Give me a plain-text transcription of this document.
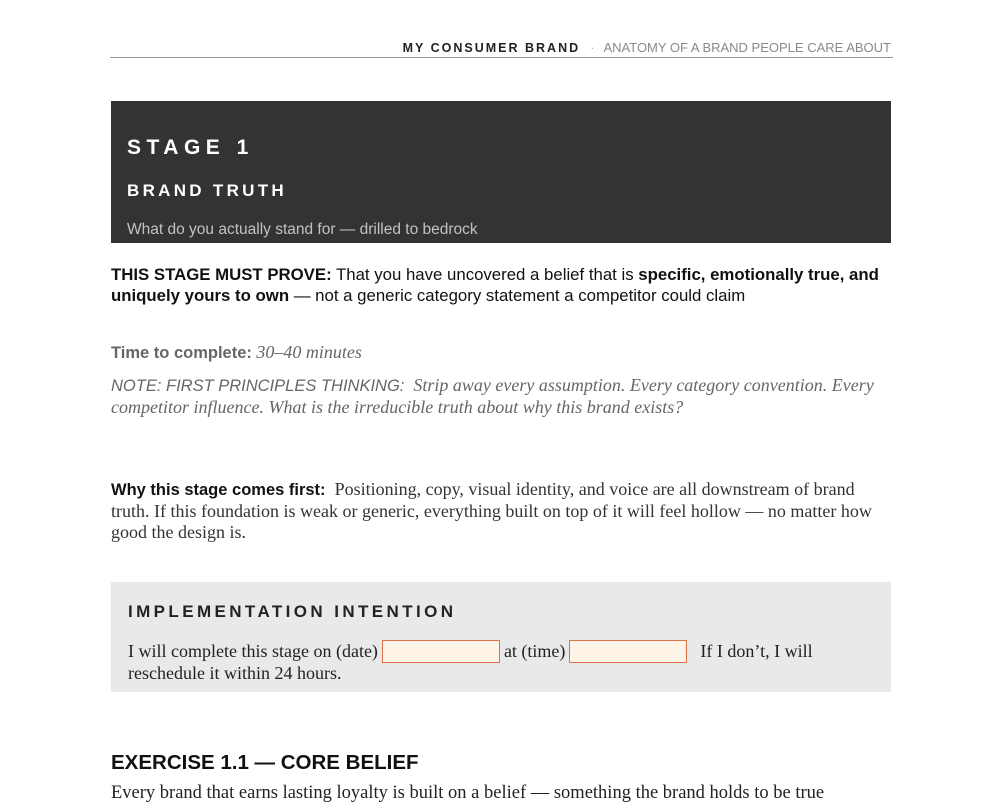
MY CONSUMER BRAND · ANATOMY OF A BRAND PEOPLE CARE ABOUT
STAGE 1
BRAND TRUTH
What do you actually stand for — drilled to bedrock
THIS STAGE MUST PROVE: That you have uncovered a belief that is specific, emotionally true, and uniquely yours to own — not a generic category statement a competitor could claim
Time to complete: 30–40 minutes
NOTE: FIRST PRINCIPLES THINKING: Strip away every assumption. Every category convention. Every competitor influence. What is the irreducible truth about why this brand exists?
Why this stage comes first: Positioning, copy, visual identity, and voice are all downstream of brand truth. If this foundation is weak or generic, everything built on top of it will feel hollow — no matter how good the design is.
IMPLEMENTATION INTENTION
I will complete this stage on (date)	at (time)	If I don’t, I will reschedule it within 24 hours.
EXERCISE 1.1 — CORE BELIEF
Every brand that earns lasting loyalty is built on a belief — something the brand holds to be true
